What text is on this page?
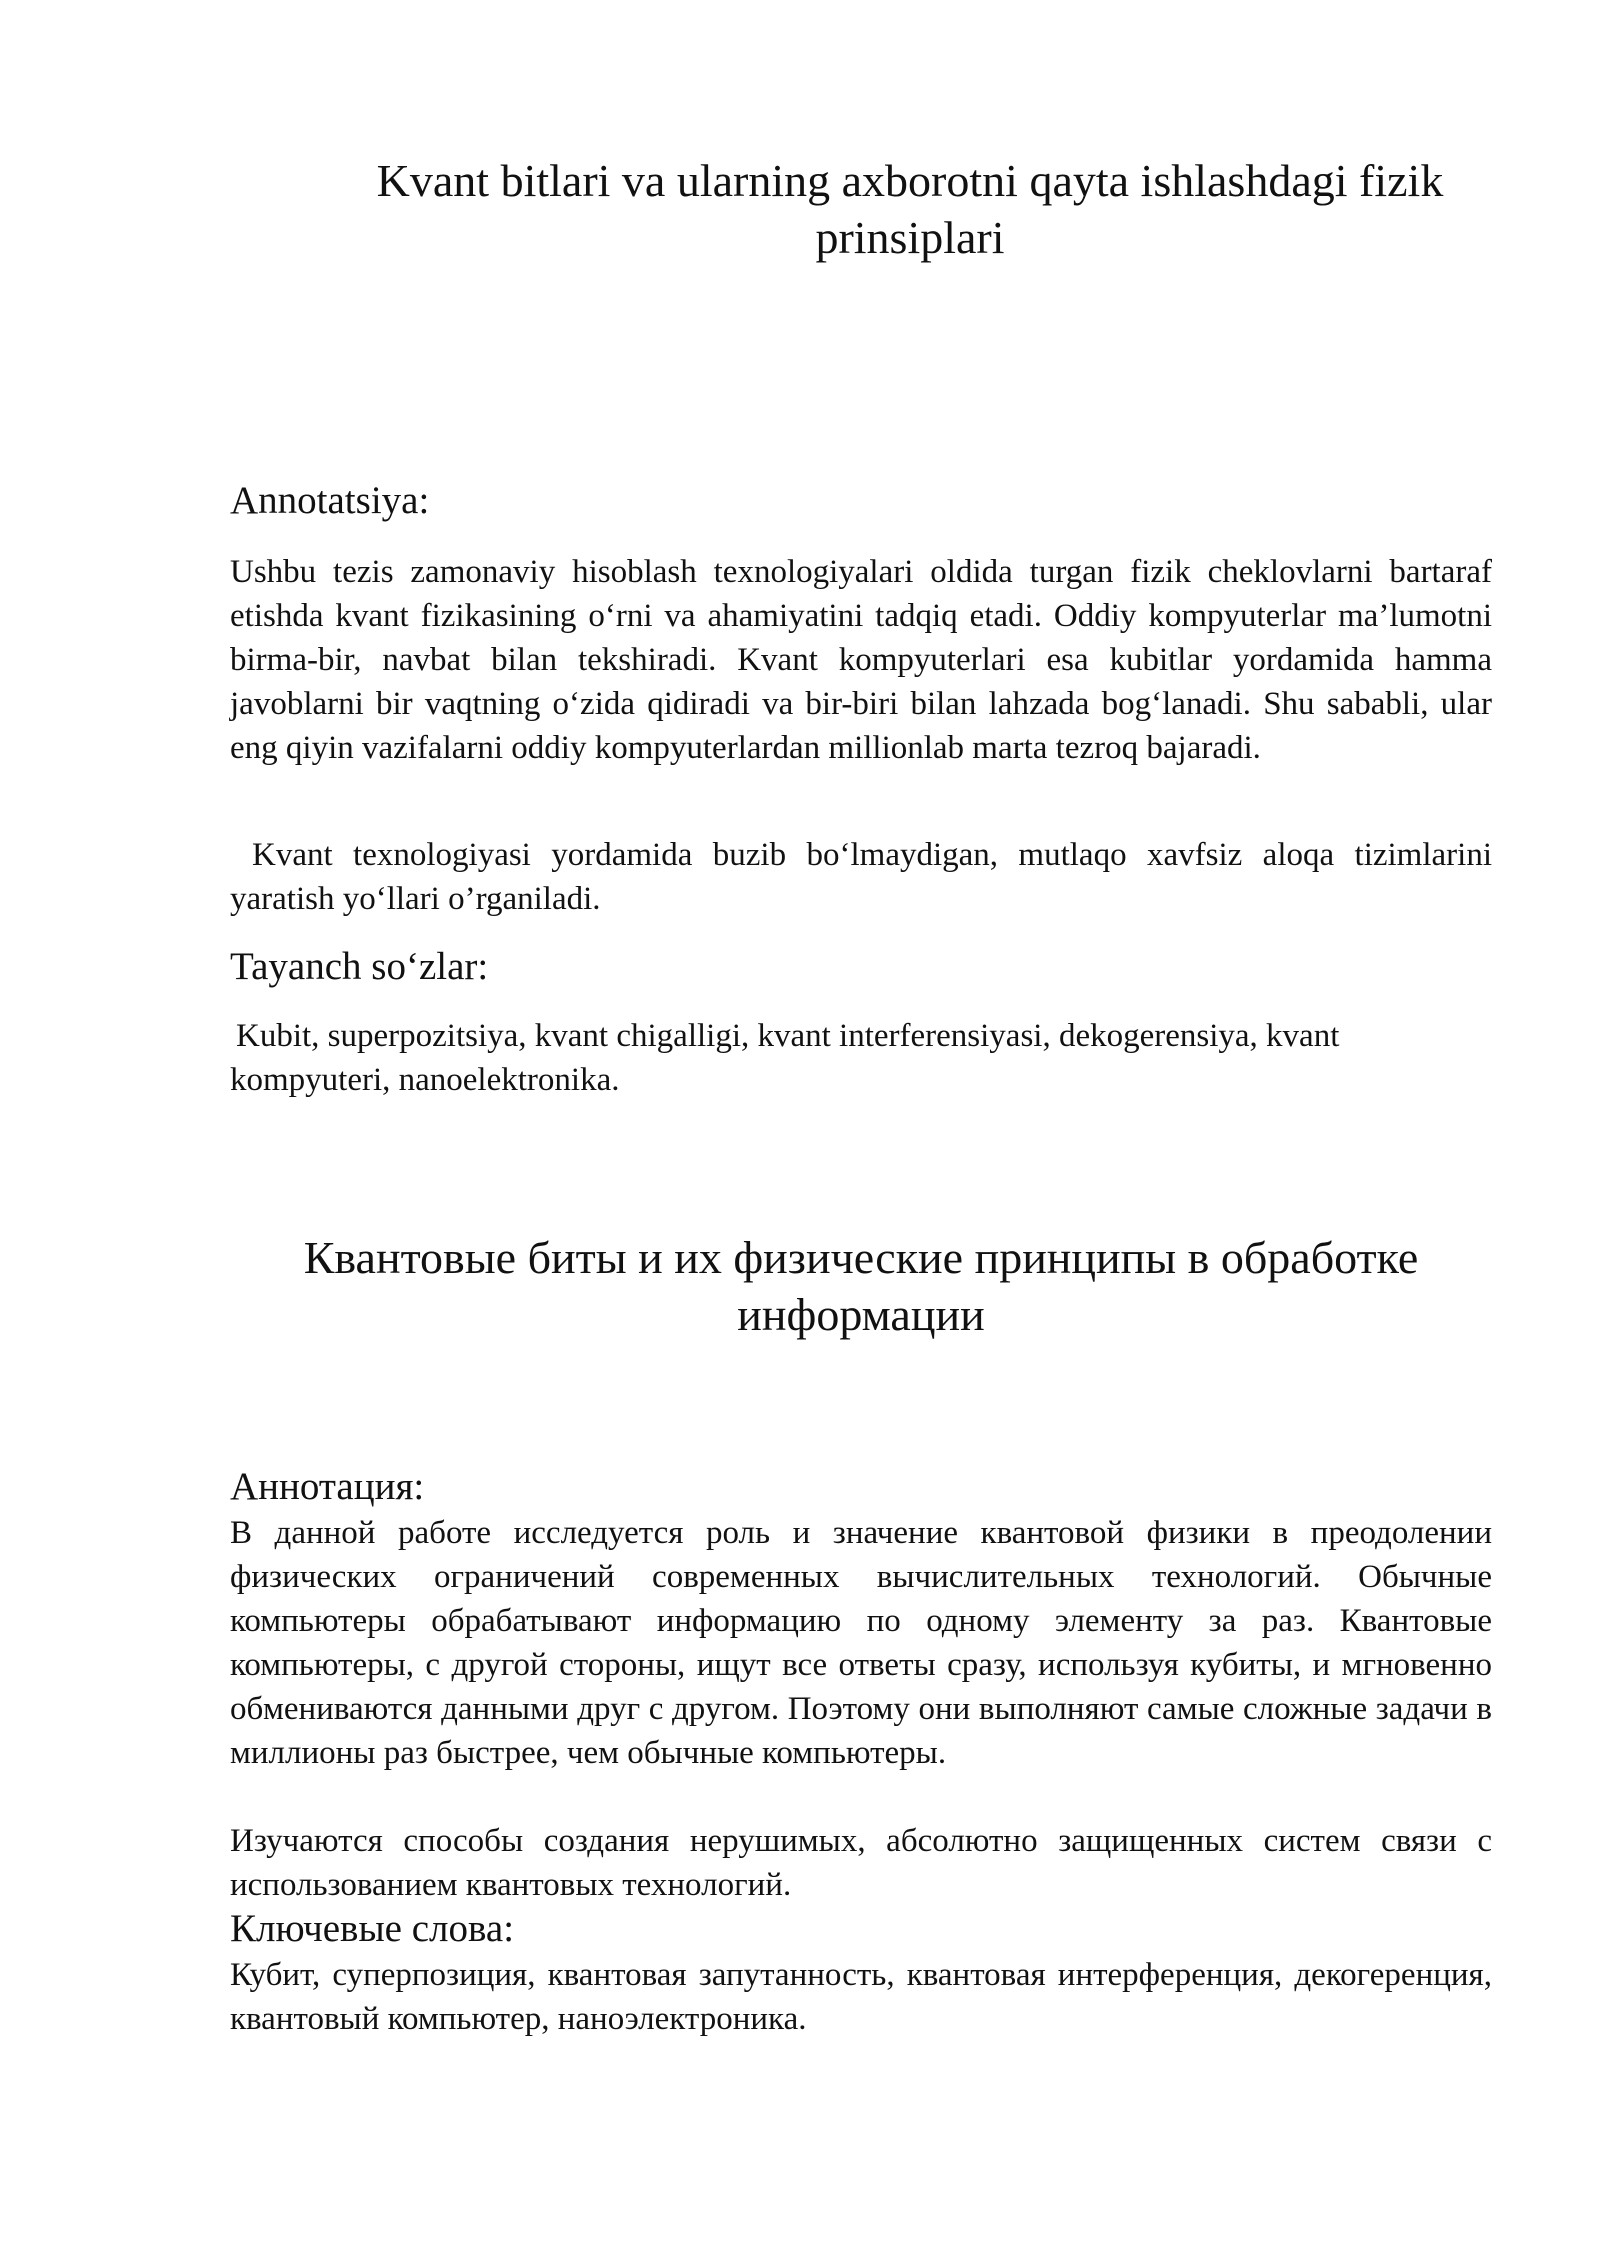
Kvant bitlari va ularning axborotni qayta ishlashdagi fizik prinsiplari
Annotatsiya:

Ushbu tezis zamonaviy hisoblash texnologiyalari oldida turgan fizik cheklovlarni bartaraf etishda kvant fizikasining o‘rni va ahamiyatini tadqiq etadi. Oddiy kompyuterlar ma’lumotni birma-bir, navbat bilan tekshiradi. Kvant kompyuterlari esa kubitlar yordamida hamma javoblarni bir vaqtning o‘zida qidiradi va bir-biri bilan lahzada bog‘lanadi. Shu sababli, ular eng qiyin vazifalarni oddiy kompyuterlardan millionlab marta tezroq bajaradi.

Kvant texnologiyasi yordamida buzib bo‘lmaydigan, mutlaqo xavfsiz aloqa tizimlarini yaratish yo‘llari o’rganiladi.

Tayanch so‘zlar:

Kubit, superpozitsiya, kvant chigalligi, kvant interferensiyasi, dekogerensiya, kvant kompyuteri, nanoelektronika.

Квантовые биты и их физические принципы в обработке информации
Аннотация:

В данной работе исследуется роль и значение квантовой физики в преодолении физических ограничений современных вычислительных технологий. Обычные компьютеры обрабатывают информацию по одному элементу за раз. Квантовые компьютеры, с другой стороны, ищут все ответы сразу, используя кубиты, и мгновенно обмениваются данными друг с другом. Поэтому они выполняют самые сложные задачи в миллионы раз быстрее, чем обычные компьютеры.

Изучаются способы создания нерушимых, абсолютно защищенных систем связи с использованием квантовых технологий.

Ключевые слова:

Кубит, суперпозиция, квантовая запутанность, квантовая интерференция, декогеренция, квантовый компьютер, наноэлектроника.
